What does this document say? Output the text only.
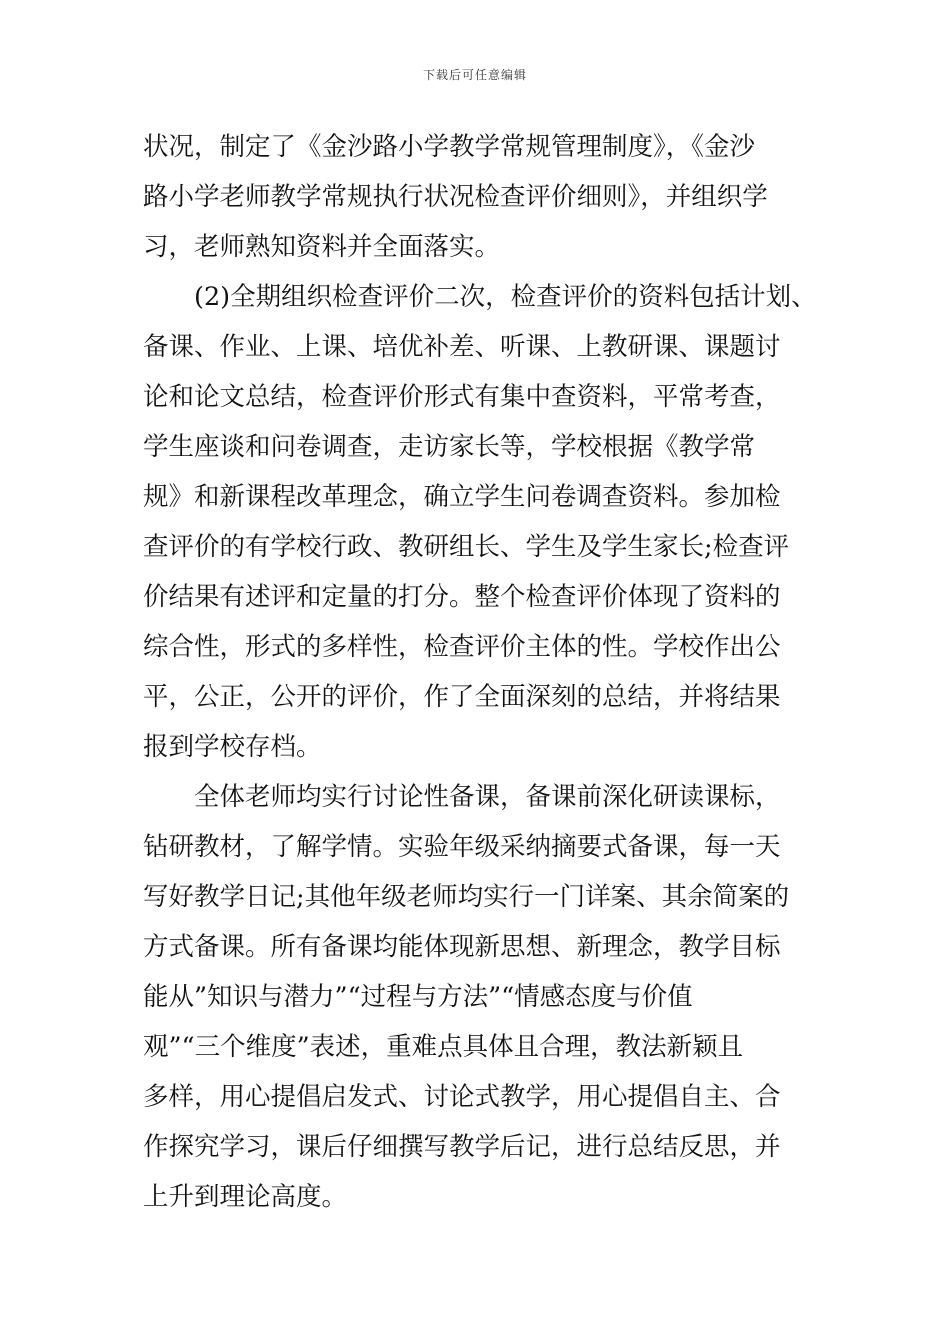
下载后可任意编辑
状况，制定了《金沙路小学教学常规管理制度》，《金沙
路小学老师教学常规执行状况检查评价细则》，并组织学
习，老师熟知资料并全面落实。
(2)全期组织检查评价二次，检查评价的资料包括计划、
备课、作业、上课、培优补差、听课、上教研课、课题讨
论和论文总结，检查评价形式有集中查资料，平常考查，
学生座谈和问卷调查，走访家长等，学校根据《教学常
规》和新课程改革理念，确立学生问卷调查资料。参加检
查评价的有学校行政、教研组长、学生及学生家长;检查评
价结果有述评和定量的打分。整个检查评价体现了资料的
综合性，形式的多样性，检查评价主体的性。学校作出公
平，公正，公开的评价，作了全面深刻的总结，并将结果
报到学校存档。
全体老师均实行讨论性备课，备课前深化研读课标，
钻研教材，了解学情。实验年级采纳摘要式备课，每一天
写好教学日记;其他年级老师均实行一门详案、其余简案的
方式备课。所有备课均能体现新思想、新理念，教学目标
能从”知识与潜力”“过程与方法”“情感态度与价值
观”“三个维度”表述，重难点具体且合理，教法新颖且
多样，用心提倡启发式、讨论式教学，用心提倡自主、合
作探究学习，课后仔细撰写教学后记，进行总结反思，并
上升到理论高度。
